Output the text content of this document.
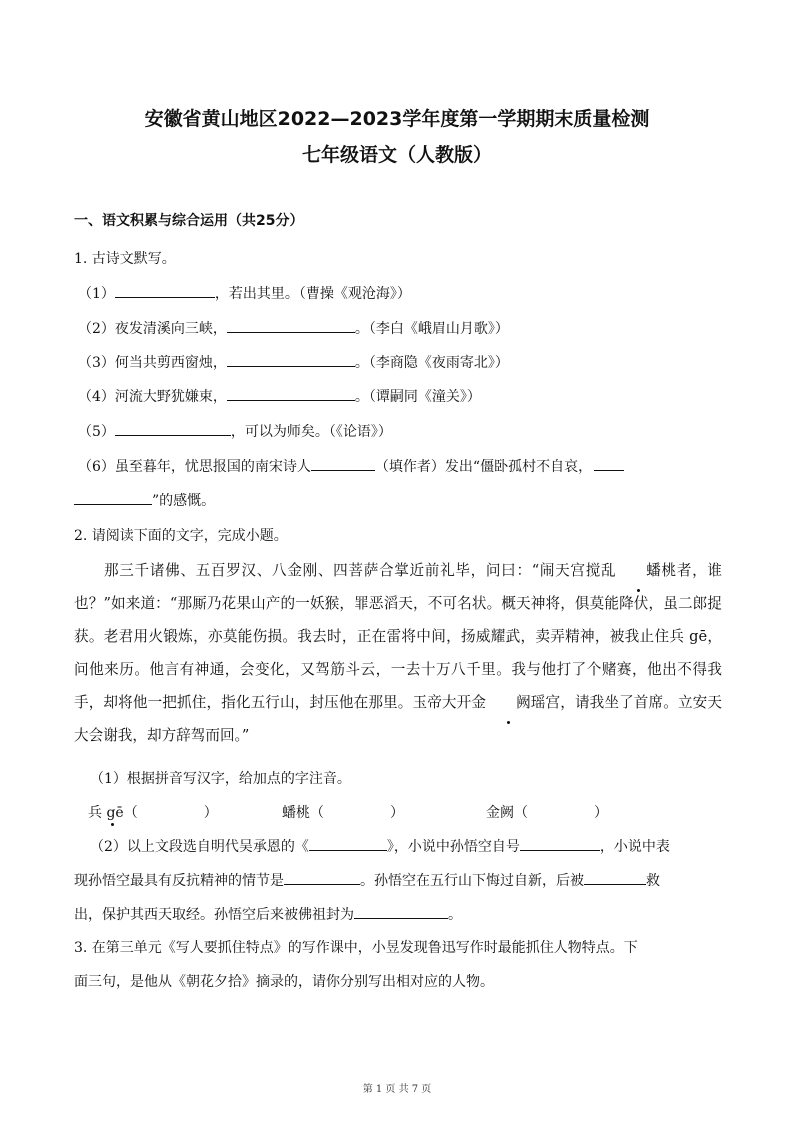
安徽省黄山地区2022—2023学年度第一学期期末质量检测
七年级语文（人教版）
一、语文积累与综合运用（共25分）
1. 古诗文默写。
（1）	，若出其里。（曹操《观沧海》）
（2）夜发清溪向三峡，	。（李白《峨眉山月歌》）
（3）何当共剪西窗烛，	。（李商隐《夜雨寄北》）
（4）河流大野犹嫌束，	。（谭嗣同《潼关》）
（5）	，可以为师矣。（《论语》）
（6）虽至暮年，忧思报国的南宋诗人	（填作者）发出“僵卧孤村不自哀，
”的感慨。
2. 请阅读下面的文字，完成小题。
那三千诸佛、五百罗汉、八金刚、四菩萨合掌近前礼毕，问曰：“闹天宫搅乱 蟠桃者，谁也？”如来道：“那厮乃花果山产的一妖猴，罪恶滔天，不可名状。概天神将，俱莫能降伏，虽二郎捉获。老君用火锻炼，亦莫能伤损。我去时，正在雷将中间，扬威耀武，卖弄精神，被我止住兵 gē，问他来历。他言有神通，会变化，又驾筋斗云，一去十万八千里。我与他打了个赌赛，他出不得我手，却将他一把抓住，指化五行山，封压他在那里。玉帝大开金 阙瑶宫，请我坐了首席。立安天大会谢我，却方辞驾而回。”
（1）根据拼音写汉字，给加点的字注音。
兵 gē（	）	蟠桃（	）	金阙（	）
（2）以上文段选自明代吴承恩的《	》，小说中孙悟空自号	，小说中表
现孙悟空最具有反抗精神的情节是	。孙悟空在五行山下悔过自新，后被	救
出，保护其西天取经。孙悟空后来被佛祖封为	。
3. 在第三单元《写人要抓住特点》的写作课中，小昱发现鲁迅写作时最能抓住人物特点。下
面三句，是他从《朝花夕拾》摘录的，请你分别写出相对应的人物。
第 1 页 共 7 页
